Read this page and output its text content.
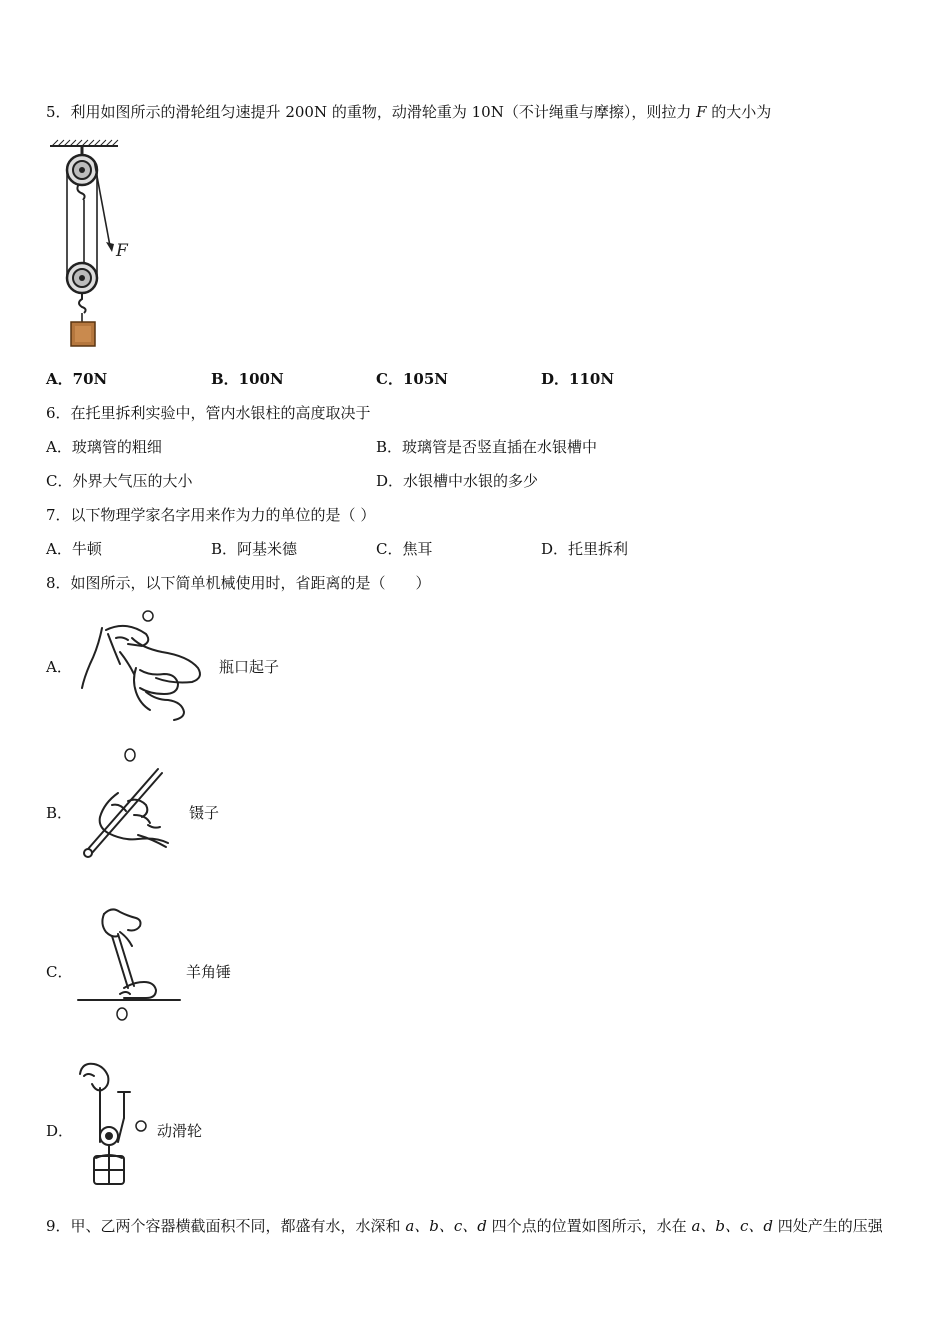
5．利用如图所示的滑轮组匀速提升 200N 的重物，动滑轮重为 10N（不计绳重与摩擦），则拉力 F 的大小为
F
A．70N	B．100N	C．105N	D．110N
6．在托里拆利实验中，管内水银柱的高度取决于
A．玻璃管的粗细	B．玻璃管是否竖直插在水银槽中
C．外界大气压的大小	D．水银槽中水银的多少
7．以下物理学家名字用来作为力的单位的是（ ）
A．牛顿	B．阿基米德	C．焦耳	D．托里拆利
8．如图所示，以下简单机械使用时，省距离的是（　　）
A．	瓶口起子
B．	镊子
C．	羊角锤
D．	动滑轮
9．甲、乙两个容器横截面积不同，都盛有水，水深和 a、b、c、d 四个点的位置如图所示，水在 a、b、c、d 四处产生的压强
